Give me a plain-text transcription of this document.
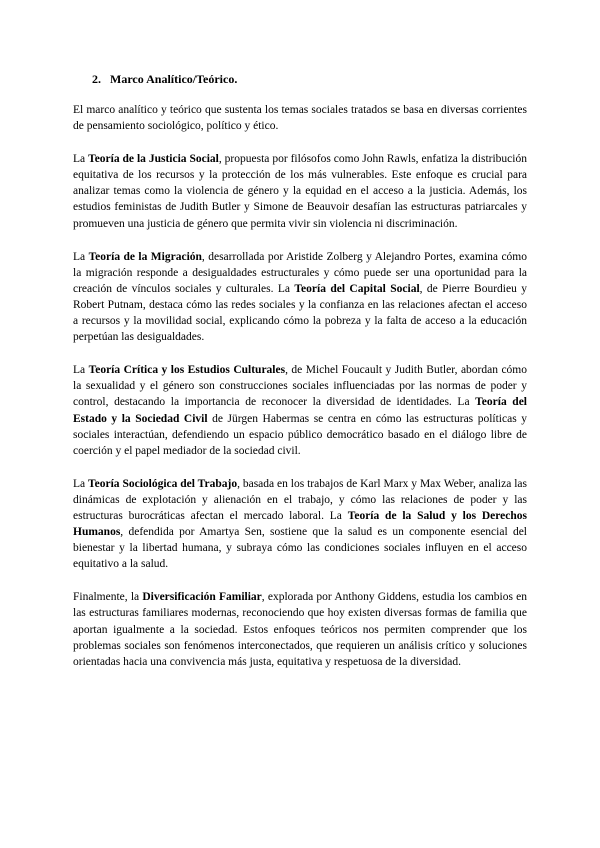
2. Marco Analítico/Teórico.

El marco analítico y teórico que sustenta los temas sociales tratados se basa en diversas corrientes de pensamiento sociológico, político y ético.

La Teoría de la Justicia Social, propuesta por filósofos como John Rawls, enfatiza la distribución equitativa de los recursos y la protección de los más vulnerables. Este enfoque es crucial para analizar temas como la violencia de género y la equidad en el acceso a la justicia. Además, los estudios feministas de Judith Butler y Simone de Beauvoir desafían las estructuras patriarcales y promueven una justicia de género que permita vivir sin violencia ni discriminación.

La Teoría de la Migración, desarrollada por Aristide Zolberg y Alejandro Portes, examina cómo la migración responde a desigualdades estructurales y cómo puede ser una oportunidad para la creación de vínculos sociales y culturales. La Teoría del Capital Social, de Pierre Bourdieu y Robert Putnam, destaca cómo las redes sociales y la confianza en las relaciones afectan el acceso a recursos y la movilidad social, explicando cómo la pobreza y la falta de acceso a la educación perpetúan las desigualdades.

La Teoría Crítica y los Estudios Culturales, de Michel Foucault y Judith Butler, abordan cómo la sexualidad y el género son construcciones sociales influenciadas por las normas de poder y control, destacando la importancia de reconocer la diversidad de identidades. La Teoría del Estado y la Sociedad Civil de Jürgen Habermas se centra en cómo las estructuras políticas y sociales interactúan, defendiendo un espacio público democrático basado en el diálogo libre de coerción y el papel mediador de la sociedad civil.

La Teoría Sociológica del Trabajo, basada en los trabajos de Karl Marx y Max Weber, analiza las dinámicas de explotación y alienación en el trabajo, y cómo las relaciones de poder y las estructuras burocráticas afectan el mercado laboral. La Teoría de la Salud y los Derechos Humanos, defendida por Amartya Sen, sostiene que la salud es un componente esencial del bienestar y la libertad humana, y subraya cómo las condiciones sociales influyen en el acceso equitativo a la salud.

Finalmente, la Diversificación Familiar, explorada por Anthony Giddens, estudia los cambios en las estructuras familiares modernas, reconociendo que hoy existen diversas formas de familia que aportan igualmente a la sociedad. Estos enfoques teóricos nos permiten comprender que los problemas sociales son fenómenos interconectados, que requieren un análisis crítico y soluciones orientadas hacia una convivencia más justa, equitativa y respetuosa de la diversidad.
